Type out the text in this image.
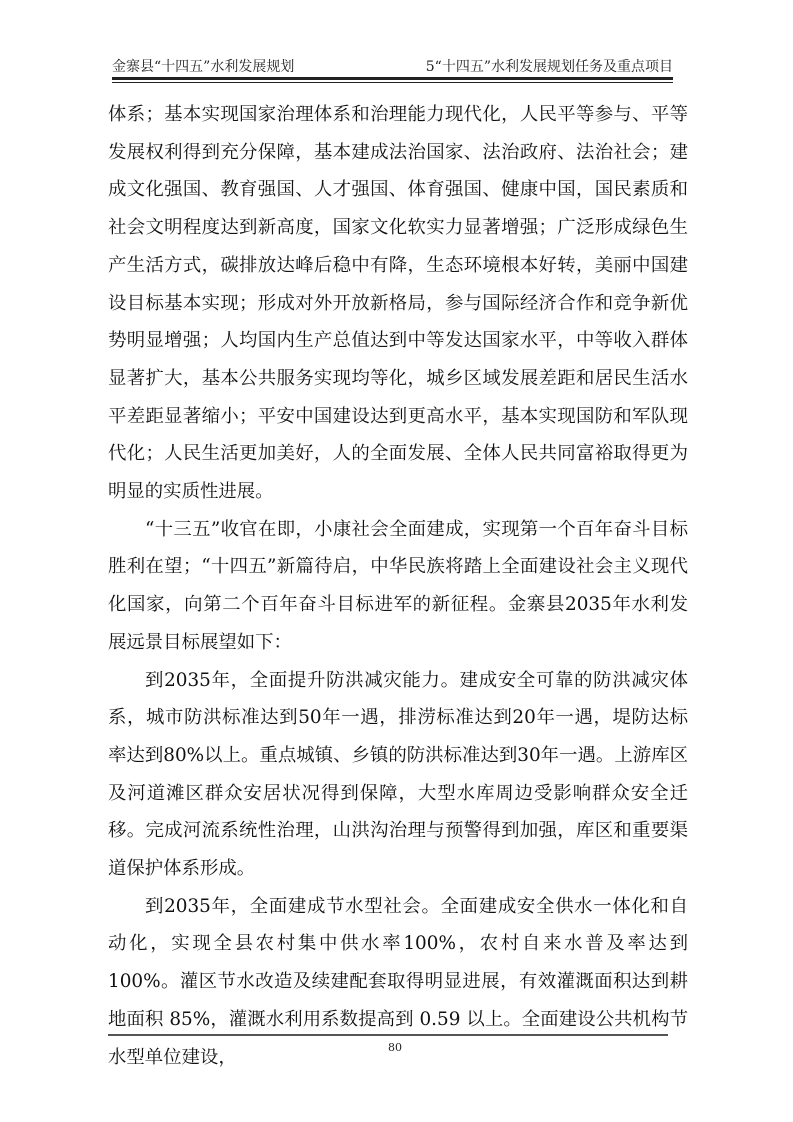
金寨县“十四五”水利发展规划	5“十四五”水利发展规划任务及重点项目

体系；基本实现国家治理体系和治理能力现代化，人民平等参与、平等发展权利得到充分保障，基本建成法治国家、法治政府、法治社会；建成文化强国、教育强国、人才强国、体育强国、健康中国，国民素质和社会文明程度达到新高度，国家文化软实力显著增强；广泛形成绿色生产生活方式，碳排放达峰后稳中有降，生态环境根本好转，美丽中国建设目标基本实现；形成对外开放新格局，参与国际经济合作和竞争新优势明显增强；人均国内生产总值达到中等发达国家水平，中等收入群体显著扩大，基本公共服务实现均等化，城乡区域发展差距和居民生活水平差距显著缩小；平安中国建设达到更高水平，基本实现国防和军队现代化；人民生活更加美好，人的全面发展、全体人民共同富裕取得更为明显的实质性进展。

“十三五”收官在即，小康社会全面建成，实现第一个百年奋斗目标胜利在望；“十四五”新篇待启，中华民族将踏上全面建设社会主义现代化国家，向第二个百年奋斗目标进军的新征程。金寨县2035年水利发展远景目标展望如下：

到2035年，全面提升防洪减灾能力。建成安全可靠的防洪减灾体系，城市防洪标准达到50年一遇，排涝标准达到20年一遇，堤防达标率达到80%以上。重点城镇、乡镇的防洪标准达到30年一遇。上游库区及河道滩区群众安居状况得到保障，大型水库周边受影响群众安全迁移。完成河流系统性治理，山洪沟治理与预警得到加强，库区和重要渠道保护体系形成。

到2035年，全面建成节水型社会。全面建成安全供水一体化和自动化，实现全县农村集中供水率100%，农村自来水普及率达到100%。灌区节水改造及续建配套取得明显进展，有效灌溉面积达到耕地面积 85%，灌溉水利用系数提高到 0.59 以上。全面建设公共机构节水型单位建设，	80
